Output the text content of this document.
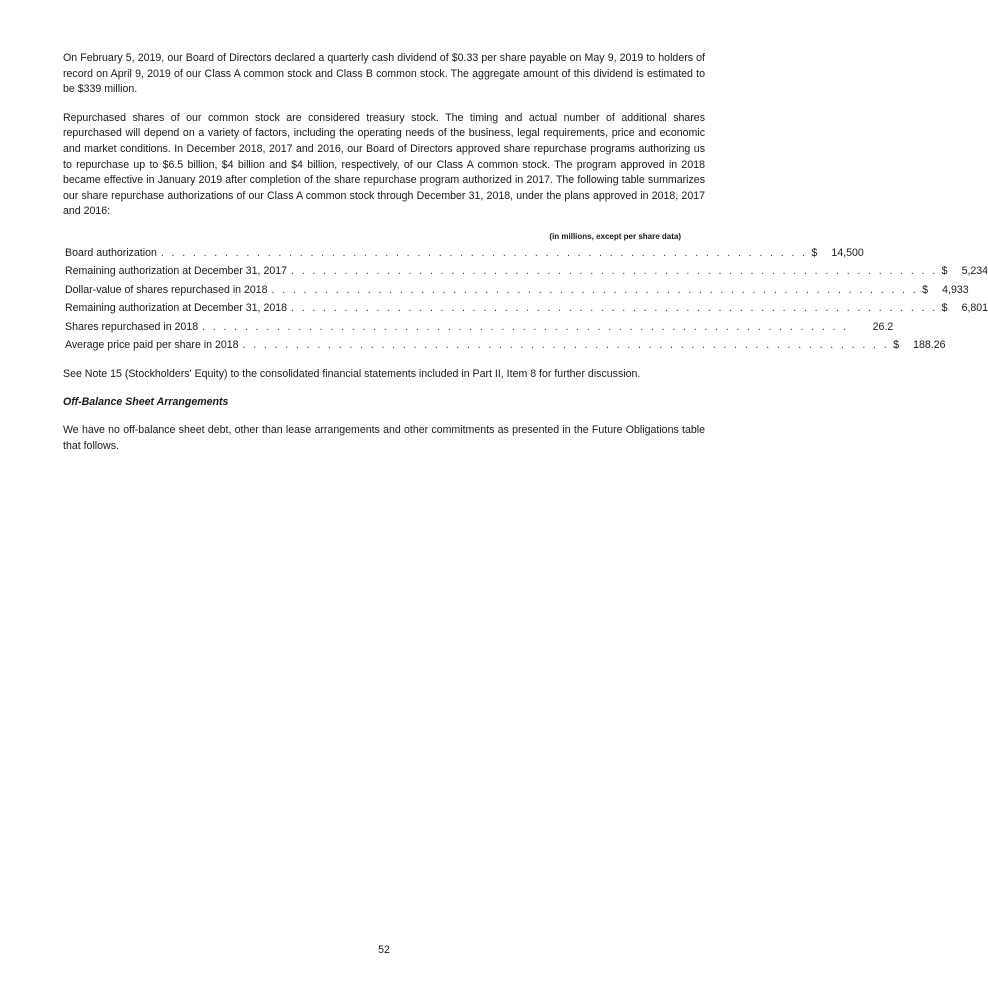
On February 5, 2019, our Board of Directors declared a quarterly cash dividend of $0.33 per share payable on May 9, 2019 to holders of record on April 9, 2019 of our Class A common stock and Class B common stock. The aggregate amount of this dividend is estimated to be $339 million.

Repurchased shares of our common stock are considered treasury stock. The timing and actual number of additional shares repurchased will depend on a variety of factors, including the operating needs of the business, legal requirements, price and economic and market conditions. In December 2018, 2017 and 2016, our Board of Directors approved share repurchase programs authorizing us to repurchase up to $6.5 billion, $4 billion and $4 billion, respectively, of our Class A common stock. The program approved in 2018 became effective in January 2019 after completion of the share repurchase program authorized in 2017. The following table summarizes our share repurchase authorizations of our Class A common stock through December 31, 2018, under the plans approved in 2018, 2017 and 2016:

(in millions, except per share data)
Board authorization . . . . . . . . . . . . . . . . . . . . . . . . . . . . . . . . . . . . . . . . . . . . . . . . . . . . . . . . . . . . . $	14,500
Remaining authorization at December 31, 2017 . . . . . . . . . . . . . . . . . . . . . . . . . . . . . . . . . . . . . . . . . . . . . . . . . . . . . . . . . . . . . $	5,234
Dollar-value of shares repurchased in 2018 . . . . . . . . . . . . . . . . . . . . . . . . . . . . . . . . . . . . . . . . . . . . . . . . . . . . . . . . . . . . . $	4,933
Remaining authorization at December 31, 2018 . . . . . . . . . . . . . . . . . . . . . . . . . . . . . . . . . . . . . . . . . . . . . . . . . . . . . . . . . . . . . $	6,801
Shares repurchased in 2018 . . . . . . . . . . . . . . . . . . . . . . . . . . . . . . . . . . . . . . . . . . . . . . . . . . . . . . . . . . . . . 26.2
Average price paid per share in 2018 . . . . . . . . . . . . . . . . . . . . . . . . . . . . . . . . . . . . . . . . . . . . . . . . . . . . . . . . . . . . . $	188.26

See Note 15 (Stockholders' Equity) to the consolidated financial statements included in Part II, Item 8 for further discussion.

Off-Balance Sheet Arrangements

We have no off-balance sheet debt, other than lease arrangements and other commitments as presented in the Future Obligations table that follows.

52
